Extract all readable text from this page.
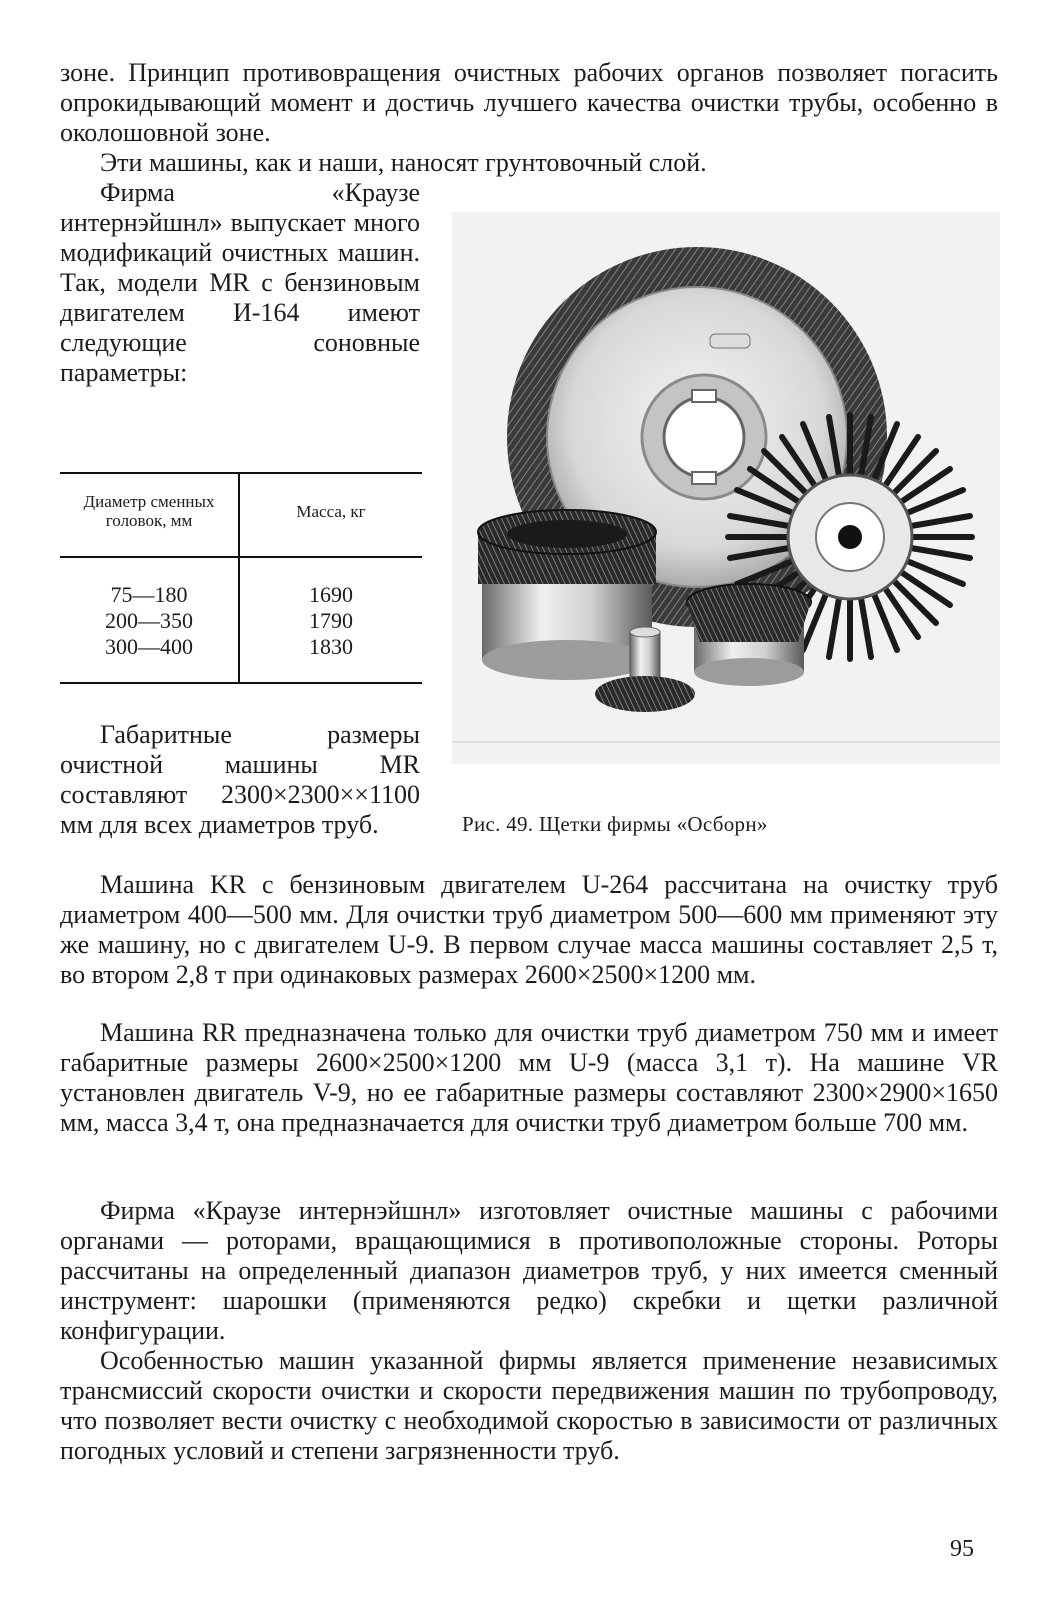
зоне. Принцип противовращения очистных рабочих органов позволяет погасить опрокидывающий момент и достичь лучшего качества очистки трубы, особенно в околошовной зоне.

Эти машины, как и наши, наносят грунтовочный слой.

Фирма «Краузе интернэйшнл» выпускает много модификаций очистных машин. Так, модели MR с бензиновым двигателем И-164 имеют следующие соновные параметры:

Диаметр сменных головок, мм	Масса, кг
75—180	1690
200—350	1790
300—400	1830
Рис. 49. Щетки фирмы «Осборн»

Габаритные размеры очистной машины MR составляют 2300×2300××1100 мм для всех диаметров труб.

Машина KR с бензиновым двигателем U-264 рассчитана на очистку труб диаметром 400—500 мм. Для очистки труб диаметром 500—600 мм применяют эту же машину, но с двигателем U-9. В первом случае масса машины составляет 2,5 т, во втором 2,8 т при одинаковых размерах 2600×2500×1200 мм.

Машина RR предназначена только для очистки труб диаметром 750 мм и имеет габаритные размеры 2600×2500×1200 мм U-9 (масса 3,1 т). На машине VR установлен двигатель V-9, но ее габаритные размеры составляют 2300×2900×1650 мм, масса 3,4 т, она предназначается для очистки труб диаметром больше 700 мм.

Фирма «Краузе интернэйшнл» изготовляет очистные машины с рабочими органами — роторами, вращающимися в противоположные стороны. Роторы рассчитаны на определенный диапазон диаметров труб, у них имеется сменный инструмент: шарошки (применяются редко) скребки и щетки различной конфигурации.

Особенностью машин указанной фирмы является применение независимых трансмиссий скорости очистки и скорости передвижения машин по трубопроводу, что позволяет вести очистку с необходимой скоростью в зависимости от различных погодных условий и степени загрязненности труб.

95
